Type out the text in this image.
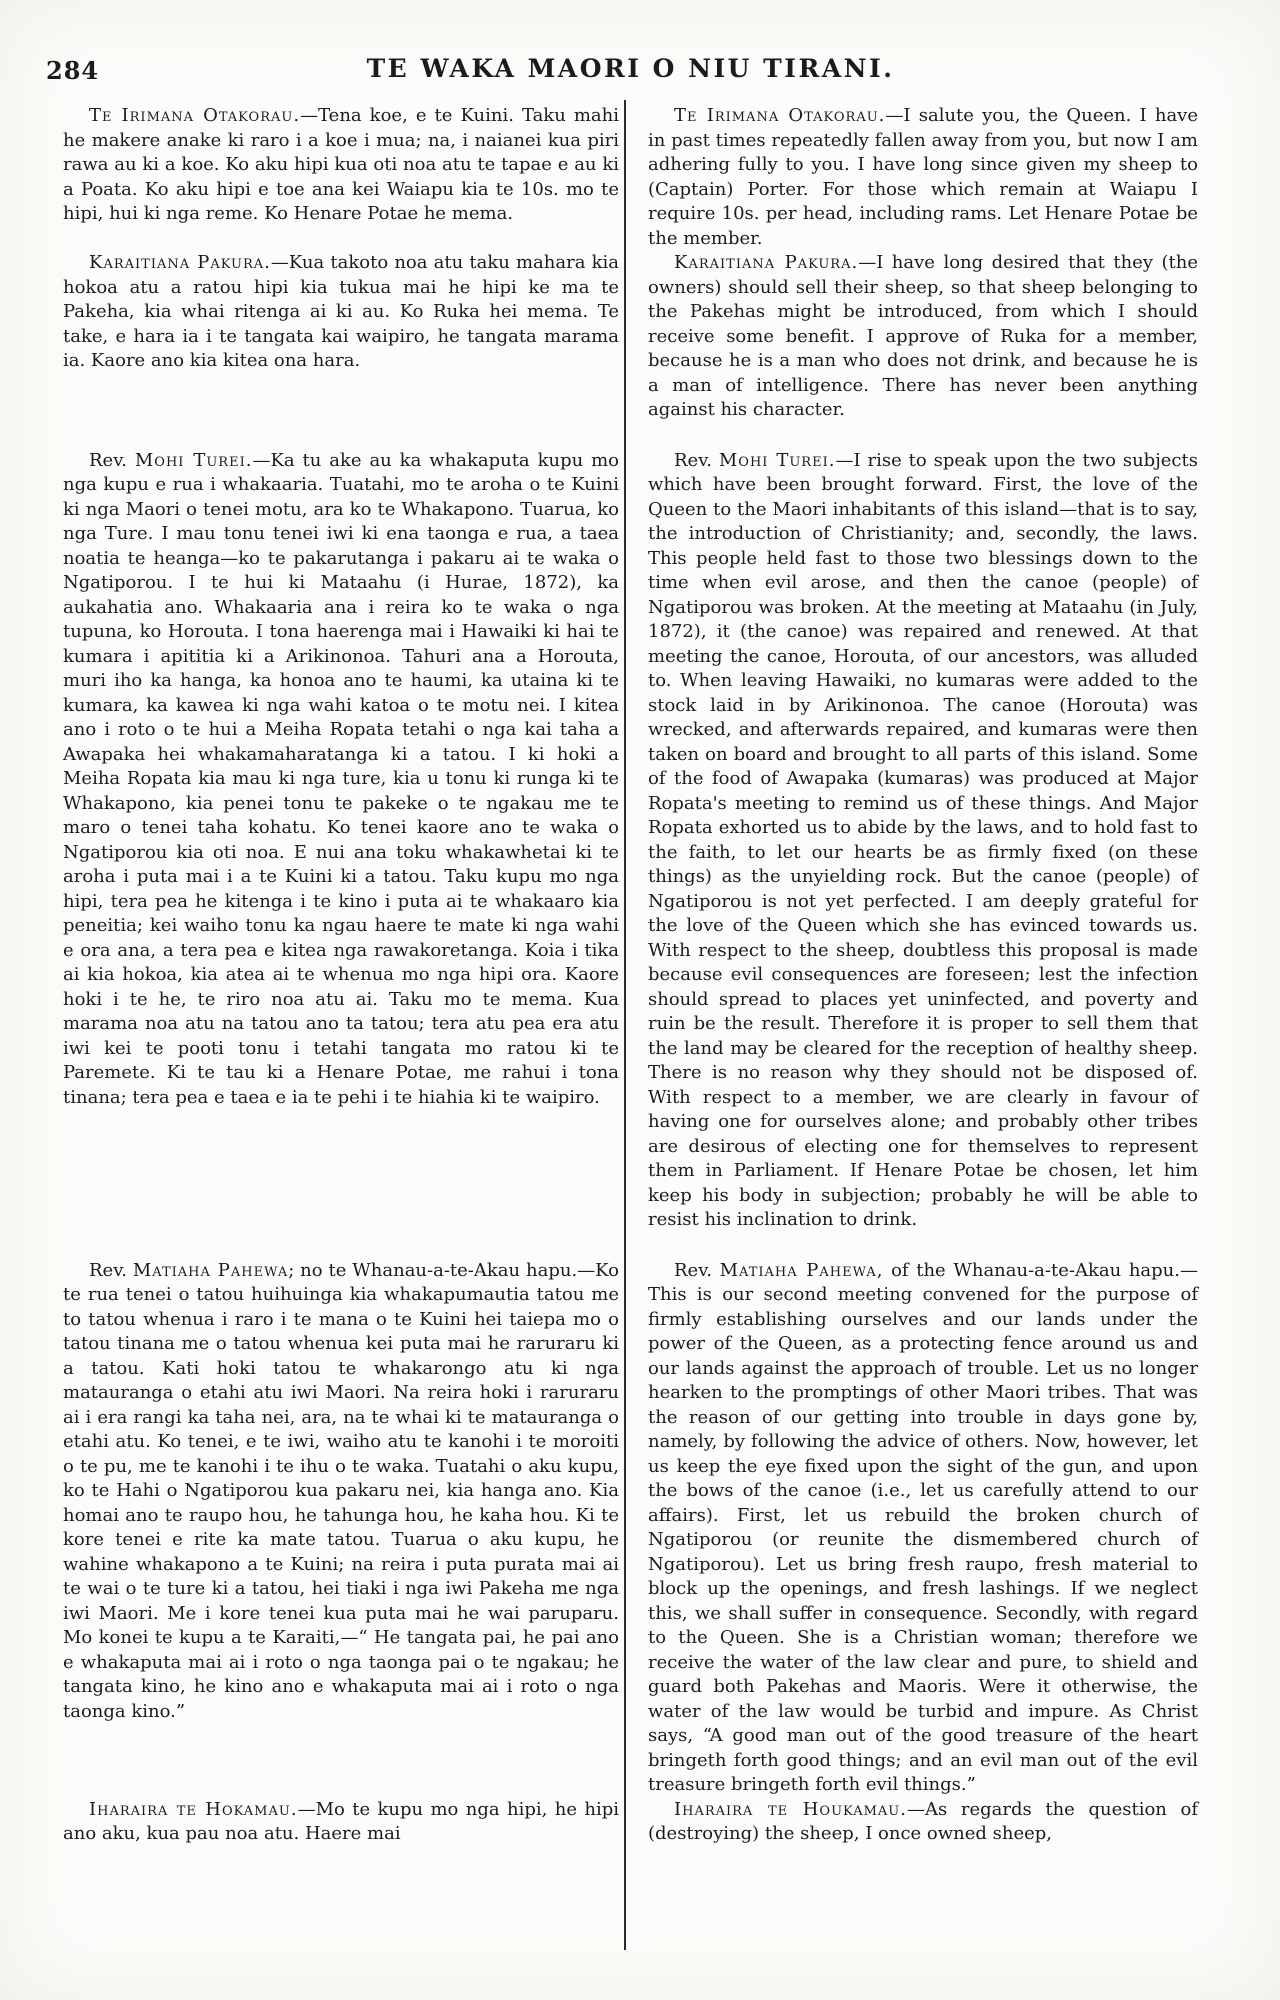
284	TE WAKA MAORI O NIU TIRANI.

Te Irimana Otakorau.—Tena koe, e te Kuini. Taku mahi he makere anake ki raro i a koe i mua; na, i naianei kua piri rawa au ki a koe. Ko aku hipi kua oti noa atu te tapae e au ki a Poata. Ko aku hipi e toe ana kei Waiapu kia te 10s. mo te hipi, hui ki nga reme. Ko Henare Potae he mema.

Te Irimana Otakorau.—I salute you, the Queen. I have in past times repeatedly fallen away from you, but now I am adhering fully to you. I have long since given my sheep to (Captain) Porter. For those which remain at Waiapu I require 10s. per head, including rams. Let Henare Potae be the member.

Karaitiana Pakura.—Kua takoto noa atu taku mahara kia hokoa atu a ratou hipi kia tukua mai he hipi ke ma te Pakeha, kia whai ritenga ai ki au. Ko Ruka hei mema. Te take, e hara ia i te tangata kai waipiro, he tangata marama ia. Kaore ano kia kitea ona hara.

Karaitiana Pakura.—I have long desired that they (the owners) should sell their sheep, so that sheep belonging to the Pakehas might be introduced, from which I should receive some benefit. I approve of Ruka for a member, because he is a man who does not drink, and because he is a man of intelligence. There has never been anything against his character.

Rev. Mohi Turei.—Ka tu ake au ka whakaputa kupu mo nga kupu e rua i whakaaria. Tuatahi, mo te aroha o te Kuini ki nga Maori o tenei motu, ara ko te Whakapono. Tuarua, ko nga Ture. I mau tonu tenei iwi ki ena taonga e rua, a taea noatia te heanga—ko te pakarutanga i pakaru ai te waka o Ngatiporou. I te hui ki Mataahu (i Hurae, 1872), ka aukahatia ano. Whakaaria ana i reira ko te waka o nga tupuna, ko Horouta. I tona haerenga mai i Hawaiki ki hai te kumara i apititia ki a Arikinonoa. Tahuri ana a Horouta, muri iho ka hanga, ka honoa ano te haumi, ka utaina ki te kumara, ka kawea ki nga wahi katoa o te motu nei. I kitea ano i roto o te hui a Meiha Ropata tetahi o nga kai taha a Awapaka hei whakamaharatanga ki a tatou. I ki hoki a Meiha Ropata kia mau ki nga ture, kia u tonu ki runga ki te Whakapono, kia penei tonu te pakeke o te ngakau me te maro o tenei taha kohatu. Ko tenei kaore ano te waka o Ngatiporou kia oti noa. E nui ana toku whakawhetai ki te aroha i puta mai i a te Kuini ki a tatou. Taku kupu mo nga hipi, tera pea he kitenga i te kino i puta ai te whakaaro kia peneitia; kei waiho tonu ka ngau haere te mate ki nga wahi e ora ana, a tera pea e kitea nga rawakoretanga. Koia i tika ai kia hokoa, kia atea ai te whenua mo nga hipi ora. Kaore hoki i te he, te riro noa atu ai. Taku mo te mema. Kua marama noa atu na tatou ano ta tatou; tera atu pea era atu iwi kei te pooti tonu i tetahi tangata mo ratou ki te Paremete. Ki te tau ki a Henare Potae, me rahui i tona tinana; tera pea e taea e ia te pehi i te hiahia ki te waipiro.

Rev. Mohi Turei.—I rise to speak upon the two subjects which have been brought forward. First, the love of the Queen to the Maori inhabitants of this island—that is to say, the introduction of Christianity; and, secondly, the laws. This people held fast to those two blessings down to the time when evil arose, and then the canoe (people) of Ngatiporou was broken. At the meeting at Mataahu (in July, 1872), it (the canoe) was repaired and renewed. At that meeting the canoe, Horouta, of our ancestors, was alluded to. When leaving Hawaiki, no kumaras were added to the stock laid in by Arikinonoa. The canoe (Horouta) was wrecked, and afterwards repaired, and kumaras were then taken on board and brought to all parts of this island. Some of the food of Awapaka (kumaras) was produced at Major Ropata's meeting to remind us of these things. And Major Ropata exhorted us to abide by the laws, and to hold fast to the faith, to let our hearts be as firmly fixed (on these things) as the unyielding rock. But the canoe (people) of Ngatiporou is not yet perfected. I am deeply grateful for the love of the Queen which she has evinced towards us. With respect to the sheep, doubtless this proposal is made because evil consequences are foreseen; lest the infection should spread to places yet uninfected, and poverty and ruin be the result. Therefore it is proper to sell them that the land may be cleared for the reception of healthy sheep. There is no reason why they should not be disposed of. With respect to a member, we are clearly in favour of having one for ourselves alone; and probably other tribes are desirous of electing one for themselves to represent them in Parliament. If Henare Potae be chosen, let him keep his body in subjection; probably he will be able to resist his inclination to drink.

Rev. Matiaha Pahewa; no te Whanau-a-te-Akau hapu.—Ko te rua tenei o tatou huihuinga kia whakapumautia tatou me to tatou whenua i raro i te mana o te Kuini hei taiepa mo o tatou tinana me o tatou whenua kei puta mai he raruraru ki a tatou. Kati hoki tatou te whakarongo atu ki nga matauranga o etahi atu iwi Maori. Na reira hoki i raruraru ai i era rangi ka taha nei, ara, na te whai ki te matauranga o etahi atu. Ko tenei, e te iwi, waiho atu te kanohi i te moroiti o te pu, me te kanohi i te ihu o te waka. Tuatahi o aku kupu, ko te Hahi o Ngatiporou kua pakaru nei, kia hanga ano. Kia homai ano te raupo hou, he tahunga hou, he kaha hou. Ki te kore tenei e rite ka mate tatou. Tuarua o aku kupu, he wahine whakapono a te Kuini; na reira i puta purata mai ai te wai o te ture ki a tatou, hei tiaki i nga iwi Pakeha me nga iwi Maori. Me i kore tenei kua puta mai he wai paruparu. Mo konei te kupu a te Karaiti,—“ He tangata pai, he pai ano e whakaputa mai ai i roto o nga taonga pai o te ngakau; he tangata kino, he kino ano e whakaputa mai ai i roto o nga taonga kino.”

Rev. Matiaha Pahewa, of the Whanau-a-te-Akau hapu.—This is our second meeting convened for the purpose of firmly establishing ourselves and our lands under the power of the Queen, as a protecting fence around us and our lands against the approach of trouble. Let us no longer hearken to the promptings of other Maori tribes. That was the reason of our getting into trouble in days gone by, namely, by following the advice of others. Now, however, let us keep the eye fixed upon the sight of the gun, and upon the bows of the canoe (i.e., let us carefully attend to our affairs). First, let us rebuild the broken church of Ngatiporou (or reunite the dismembered church of Ngatiporou). Let us bring fresh raupo, fresh material to block up the openings, and fresh lashings. If we neglect this, we shall suffer in consequence. Secondly, with regard to the Queen. She is a Christian woman; therefore we receive the water of the law clear and pure, to shield and guard both Pakehas and Maoris. Were it otherwise, the water of the law would be turbid and impure. As Christ says, “A good man out of the good treasure of the heart bringeth forth good things; and an evil man out of the evil treasure bringeth forth evil things.”

Iharaira te Hokamau.—Mo te kupu mo nga hipi, he hipi ano aku, kua pau noa atu. Haere mai

Iharaira te Houkamau.—As regards the question of (destroying) the sheep, I once owned sheep,
